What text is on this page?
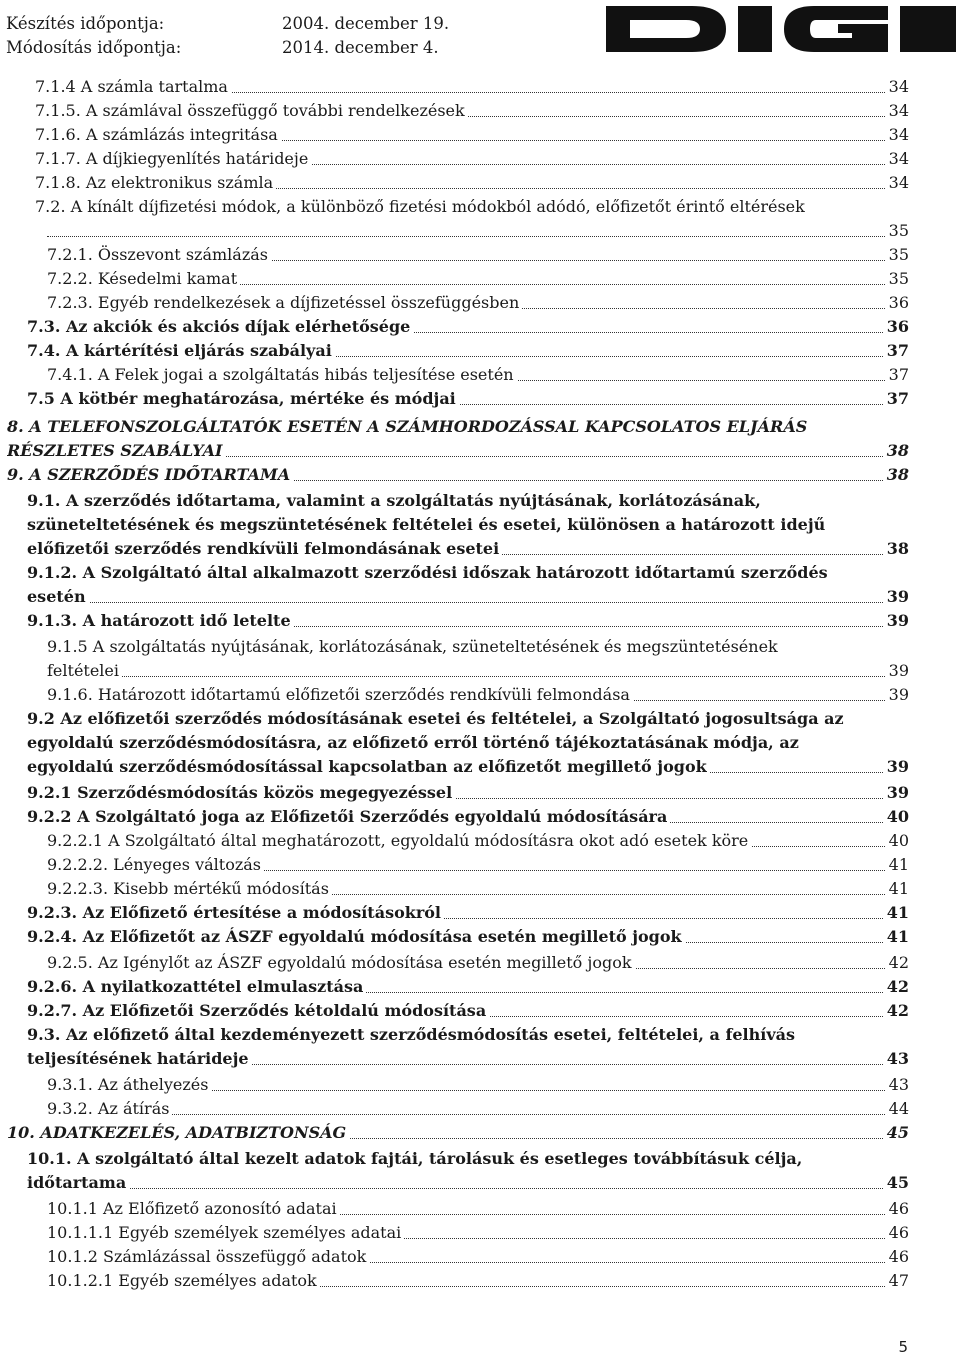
Készítés időpontja:	2004. december 19.
Módosítás időpontja:	2014. december 4.
7.1.4 A számla tartalma	34
7.1.5. A számlával összefüggő további rendelkezések	34
7.1.6. A számlázás integritása	34
7.1.7. A díjkiegyenlítés határideje	34
7.1.8. Az elektronikus számla	34
7.2. A kínált díjfizetési módok, a különböző fizetési módokból adódó, előfizetőt érintő eltérések
35
7.2.1. Összevont számlázás	35
7.2.2. Késedelmi kamat	35
7.2.3. Egyéb rendelkezések a díjfizetéssel összefüggésben	36
7.3. Az akciók és akciós díjak elérhetősége	36
7.4. A kártérítési eljárás szabályai	37
7.4.1. A Felek jogai a szolgáltatás hibás teljesítése esetén	37
7.5 A kötbér meghatározása, mértéke és módjai	37
8. A TELEFONSZOLGÁLTATÓK ESETÉN A SZÁMHORDOZÁSSAL KAPCSOLATOS ELJÁRÁS
RÉSZLETES SZABÁLYAI	38
9. A SZERZŐDÉS IDŐTARTAMA	38
9.1. A szerződés időtartama, valamint a szolgáltatás nyújtásának, korlátozásának,
szüneteltetésének és megszüntetésének feltételei és esetei, különösen a határozott idejű
előfizetői szerződés rendkívüli felmondásának esetei	38
9.1.2. A Szolgáltató által alkalmazott szerződési időszak határozott időtartamú szerződés
esetén	39
9.1.3. A határozott idő letelte	39
9.1.5 A szolgáltatás nyújtásának, korlátozásának, szüneteltetésének és megszüntetésének
feltételei	39
9.1.6. Határozott időtartamú előfizetői szerződés rendkívüli felmondása	39
9.2 Az előfizetői szerződés módosításának esetei és feltételei, a Szolgáltató jogosultsága az
egyoldalú szerződésmódosításra, az előfizető erről történő tájékoztatásának módja, az
egyoldalú szerződésmódosítással kapcsolatban az előfizetőt megillető jogok	39
9.2.1 Szerződésmódosítás közös megegyezéssel	39
9.2.2 A Szolgáltató joga az Előfizetői Szerződés egyoldalú módosítására	40
9.2.2.1 A Szolgáltató által meghatározott, egyoldalú módosításra okot adó esetek köre	40
9.2.2.2. Lényeges változás	41
9.2.2.3. Kisebb mértékű módosítás	41
9.2.3. Az Előfizető értesítése a módosításokról	41
9.2.4. Az Előfizetőt az ÁSZF egyoldalú módosítása esetén megillető jogok	41
9.2.5. Az Igénylőt az ÁSZF egyoldalú módosítása esetén megillető jogok	42
9.2.6. A nyilatkozattétel elmulasztása	42
9.2.7. Az Előfizetői Szerződés kétoldalú módosítása	42
9.3. Az előfizető által kezdeményezett szerződésmódosítás esetei, feltételei, a felhívás
teljesítésének határideje	43
9.3.1. Az áthelyezés	43
9.3.2. Az átírás	44
10. ADATKEZELÉS, ADATBIZTONSÁG	45
10.1. A szolgáltató által kezelt adatok fajtái, tárolásuk és esetleges továbbításuk célja,
időtartama	45
10.1.1 Az Előfizető azonosító adatai	46
10.1.1.1 Egyéb személyek személyes adatai	46
10.1.2 Számlázással összefüggő adatok	46
10.1.2.1 Egyéb személyes adatok	47
5
